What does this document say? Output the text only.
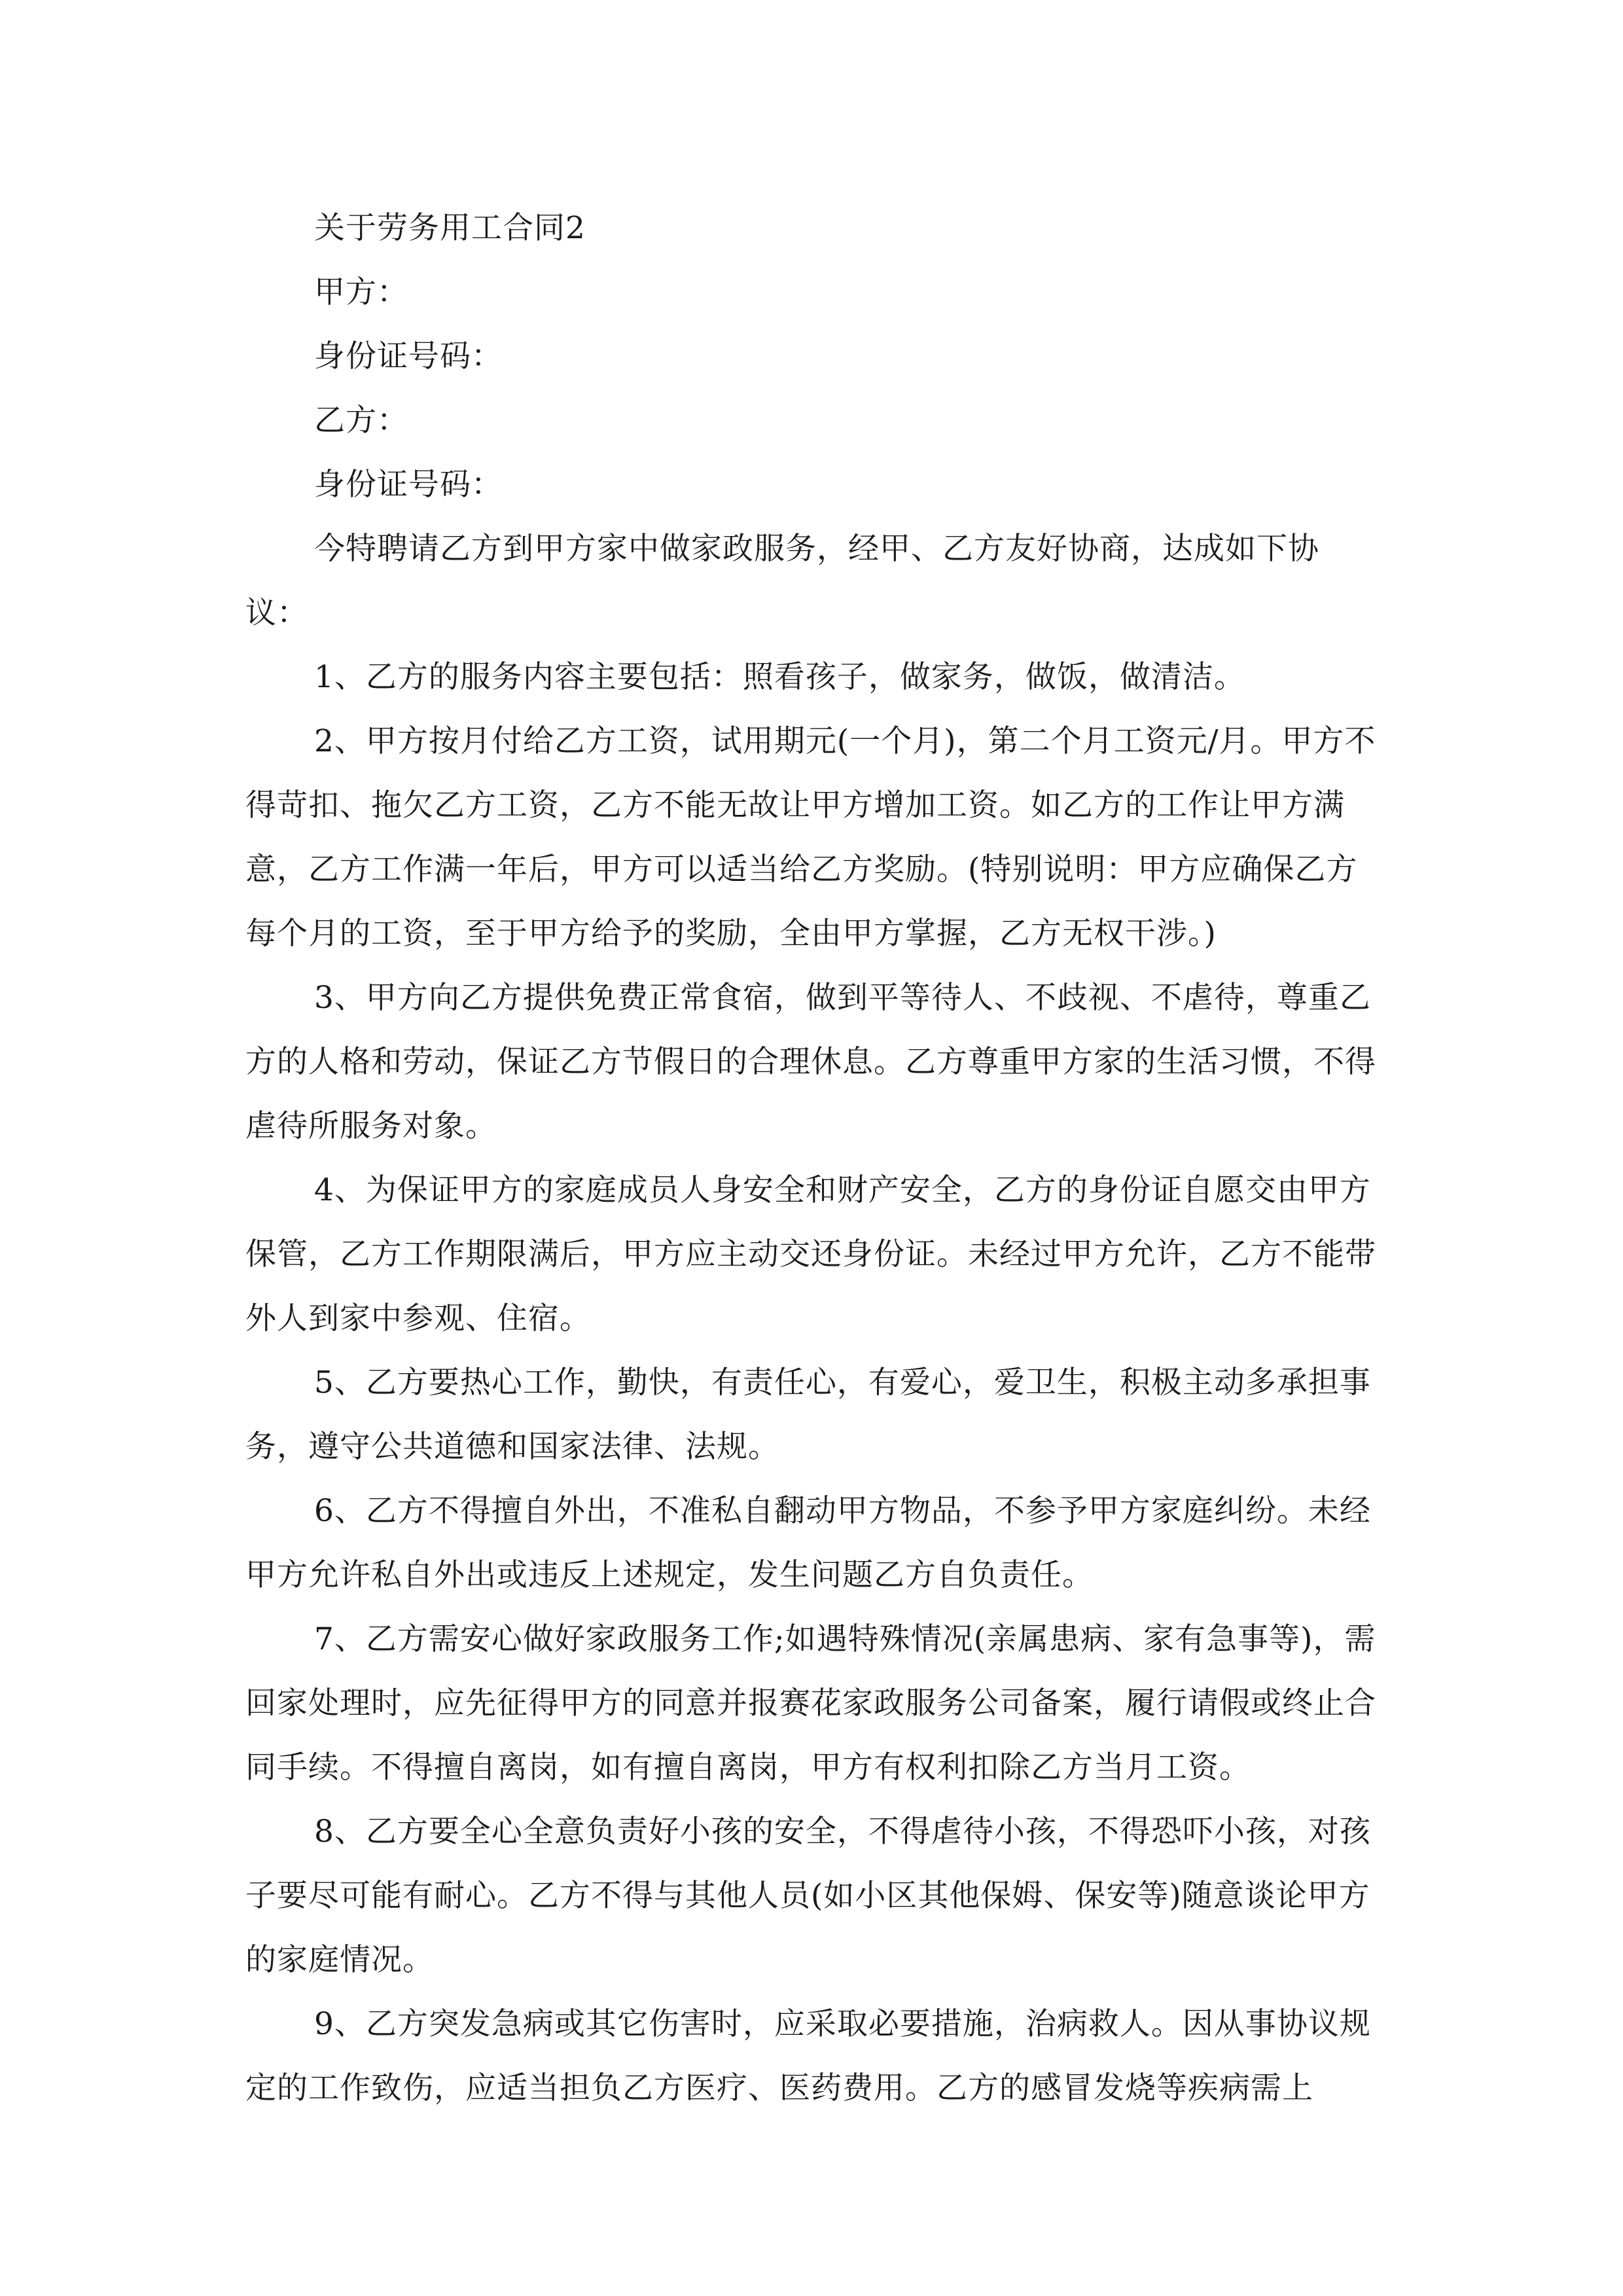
关于劳务用工合同2

甲方：

身份证号码：

乙方：

身份证号码：

今特聘请乙方到甲方家中做家政服务，经甲、乙方友好协商，达成如下协议：

1、乙方的服务内容主要包括：照看孩子，做家务，做饭，做清洁。

2、甲方按月付给乙方工资，试用期元(一个月)，第二个月工资元/月。甲方不得苛扣、拖欠乙方工资，乙方不能无故让甲方增加工资。如乙方的工作让甲方满意，乙方工作满一年后，甲方可以适当给乙方奖励。(特别说明：甲方应确保乙方每个月的工资，至于甲方给予的奖励，全由甲方掌握，乙方无权干涉。)

3、甲方向乙方提供免费正常食宿，做到平等待人、不歧视、不虐待，尊重乙方的人格和劳动，保证乙方节假日的合理休息。乙方尊重甲方家的生活习惯，不得虐待所服务对象。

4、为保证甲方的家庭成员人身安全和财产安全，乙方的身份证自愿交由甲方保管，乙方工作期限满后，甲方应主动交还身份证。未经过甲方允许，乙方不能带外人到家中参观、住宿。

5、乙方要热心工作，勤快，有责任心，有爱心，爱卫生，积极主动多承担事务，遵守公共道德和国家法律、法规。

6、乙方不得擅自外出，不准私自翻动甲方物品，不参予甲方家庭纠纷。未经甲方允许私自外出或违反上述规定，发生问题乙方自负责任。

7、乙方需安心做好家政服务工作;如遇特殊情况(亲属患病、家有急事等)，需回家处理时，应先征得甲方的同意并报赛花家政服务公司备案，履行请假或终止合同手续。不得擅自离岗，如有擅自离岗，甲方有权利扣除乙方当月工资。

8、乙方要全心全意负责好小孩的安全，不得虐待小孩，不得恐吓小孩，对孩子要尽可能有耐心。乙方不得与其他人员(如小区其他保姆、保安等)随意谈论甲方的家庭情况。

9、乙方突发急病或其它伤害时，应采取必要措施，治病救人。因从事协议规定的工作致伤，应适当担负乙方医疗、医药费用。乙方的感冒发烧等疾病需上
